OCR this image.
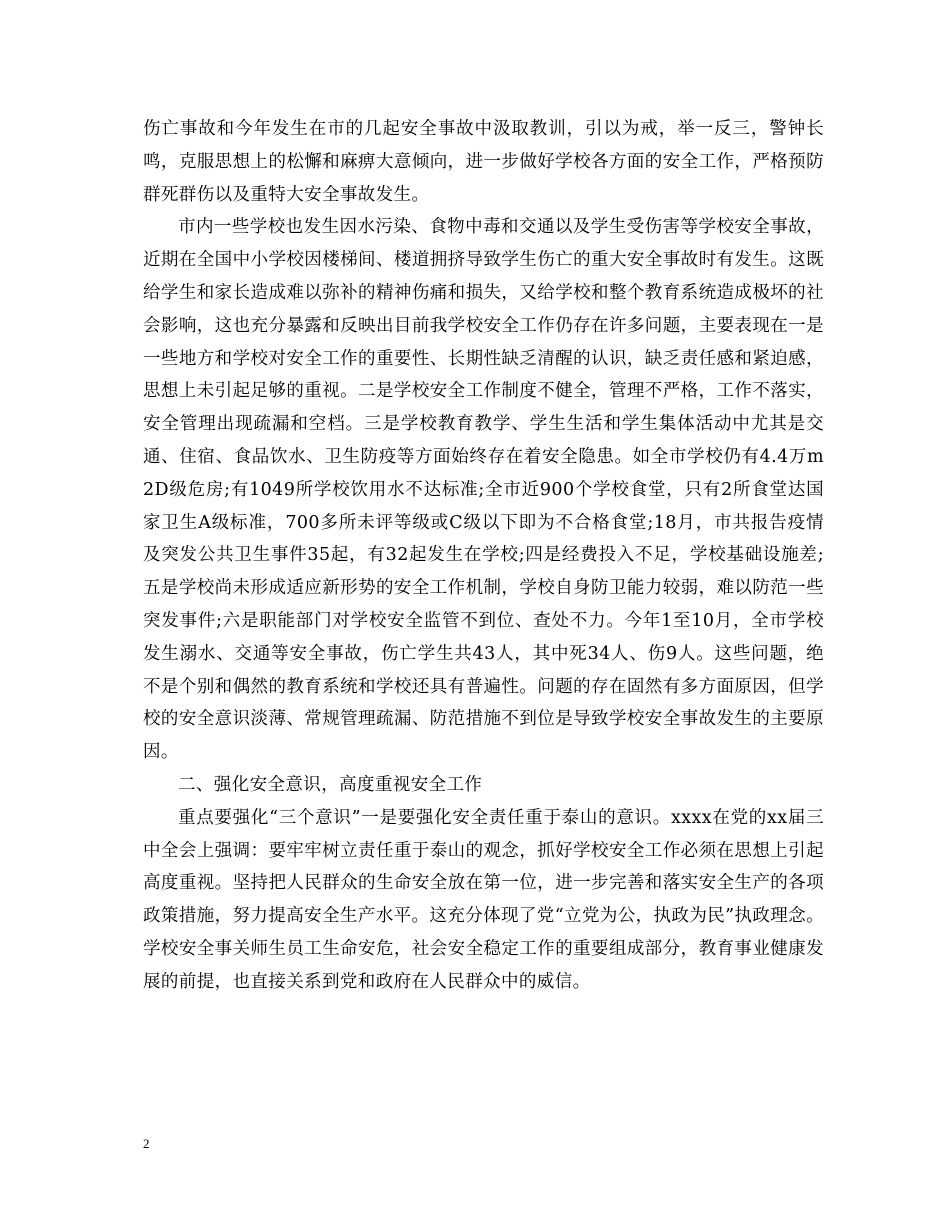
伤亡事故和今年发生在市的几起安全事故中汲取教训，引以为戒，举一反三，警钟长鸣，克服思想上的松懈和麻痹大意倾向，进一步做好学校各方面的安全工作，严格预防群死群伤以及重特大安全事故发生。

市内一些学校也发生因水污染、食物中毒和交通以及学生受伤害等学校安全事故，近期在全国中小学校因楼梯间、楼道拥挤导致学生伤亡的重大安全事故时有发生。这既给学生和家长造成难以弥补的精神伤痛和损失，又给学校和整个教育系统造成极坏的社会影响，这也充分暴露和反映出目前我学校安全工作仍存在许多问题，主要表现在一是一些地方和学校对安全工作的重要性、长期性缺乏清醒的认识，缺乏责任感和紧迫感，思想上未引起足够的重视。二是学校安全工作制度不健全，管理不严格，工作不落实，安全管理出现疏漏和空档。三是学校教育教学、学生生活和学生集体活动中尤其是交通、住宿、食品饮水、卫生防疫等方面始终存在着安全隐患。如全市学校仍有4.4万m2D级危房;有1049所学校饮用水不达标准;全市近900个学校食堂，只有2所食堂达国家卫生A级标准，700多所未评等级或C级以下即为不合格食堂;18月，市共报告疫情及突发公共卫生事件35起，有32起发生在学校;四是经费投入不足，学校基础设施差;五是学校尚未形成适应新形势的安全工作机制，学校自身防卫能力较弱，难以防范一些突发事件;六是职能部门对学校安全监管不到位、查处不力。今年1至10月，全市学校发生溺水、交通等安全事故，伤亡学生共43人，其中死34人、伤9人。这些问题，绝不是个别和偶然的教育系统和学校还具有普遍性。问题的存在固然有多方面原因，但学校的安全意识淡薄、常规管理疏漏、防范措施不到位是导致学校安全事故发生的主要原因。

二、强化安全意识，高度重视安全工作

重点要强化“三个意识”一是要强化安全责任重于泰山的意识。xxxx在党的xx届三中全会上强调：要牢牢树立责任重于泰山的观念，抓好学校安全工作必须在思想上引起高度重视。坚持把人民群众的生命安全放在第一位，进一步完善和落实安全生产的各项政策措施，努力提高安全生产水平。这充分体现了党“立党为公，执政为民”执政理念。学校安全事关师生员工生命安危，社会安全稳定工作的重要组成部分，教育事业健康发展的前提，也直接关系到党和政府在人民群众中的威信。

2
